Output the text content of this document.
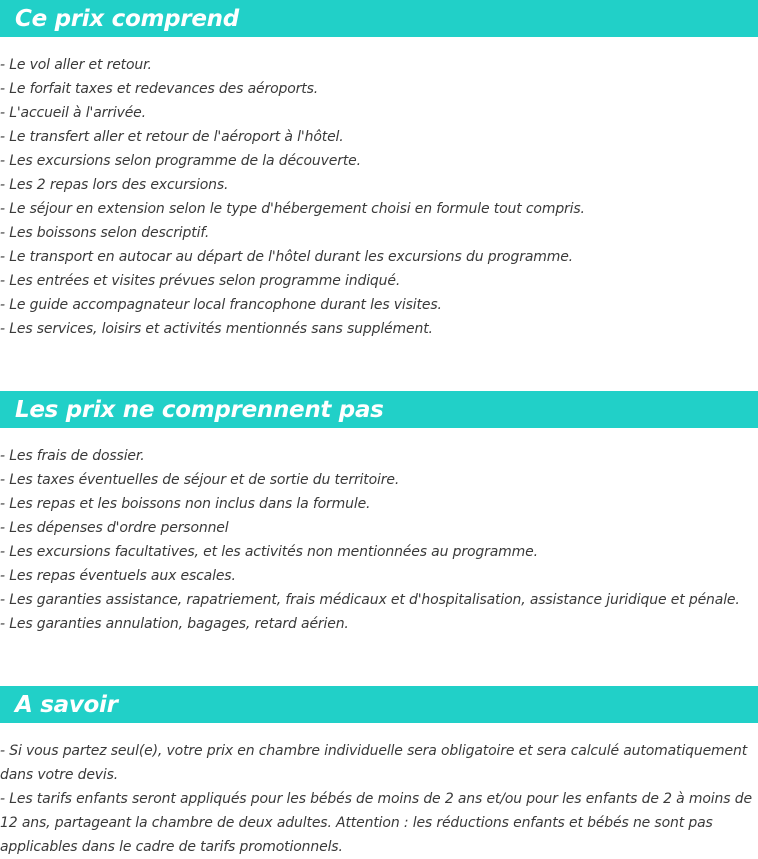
Ce prix comprend
- Le vol aller et retour.
- Le forfait taxes et redevances des aéroports.
- L'accueil à l'arrivée.
- Le transfert aller et retour de l'aéroport à l'hôtel.
- Les excursions selon programme de la découverte.
- Les 2 repas lors des excursions.
- Le séjour en extension selon le type d'hébergement choisi en formule tout compris.
- Les boissons selon descriptif.
- Le transport en autocar au départ de l'hôtel durant les excursions du programme.
- Les entrées et visites prévues selon programme indiqué.
- Le guide accompagnateur local francophone durant les visites.
- Les services, loisirs et activités mentionnés sans supplément.
Les prix ne comprennent pas
- Les frais de dossier.
- Les taxes éventuelles de séjour et de sortie du territoire.
- Les repas et les boissons non inclus dans la formule.
- Les dépenses d'ordre personnel
- Les excursions facultatives, et les activités non mentionnées au programme.
- Les repas éventuels aux escales.
- Les garanties assistance, rapatriement, frais médicaux et d'hospitalisation, assistance juridique et pénale.
- Les garanties annulation, bagages, retard aérien.
A savoir
- Si vous partez seul(e), votre prix en chambre individuelle sera obligatoire et sera calculé automatiquement dans votre devis.
- Les tarifs enfants seront appliqués pour les bébés de moins de 2 ans et/ou pour les enfants de 2 à moins de 12 ans, partageant la chambre de deux adultes. Attention : les réductions enfants et bébés ne sont pas applicables dans le cadre de tarifs promotionnels.
